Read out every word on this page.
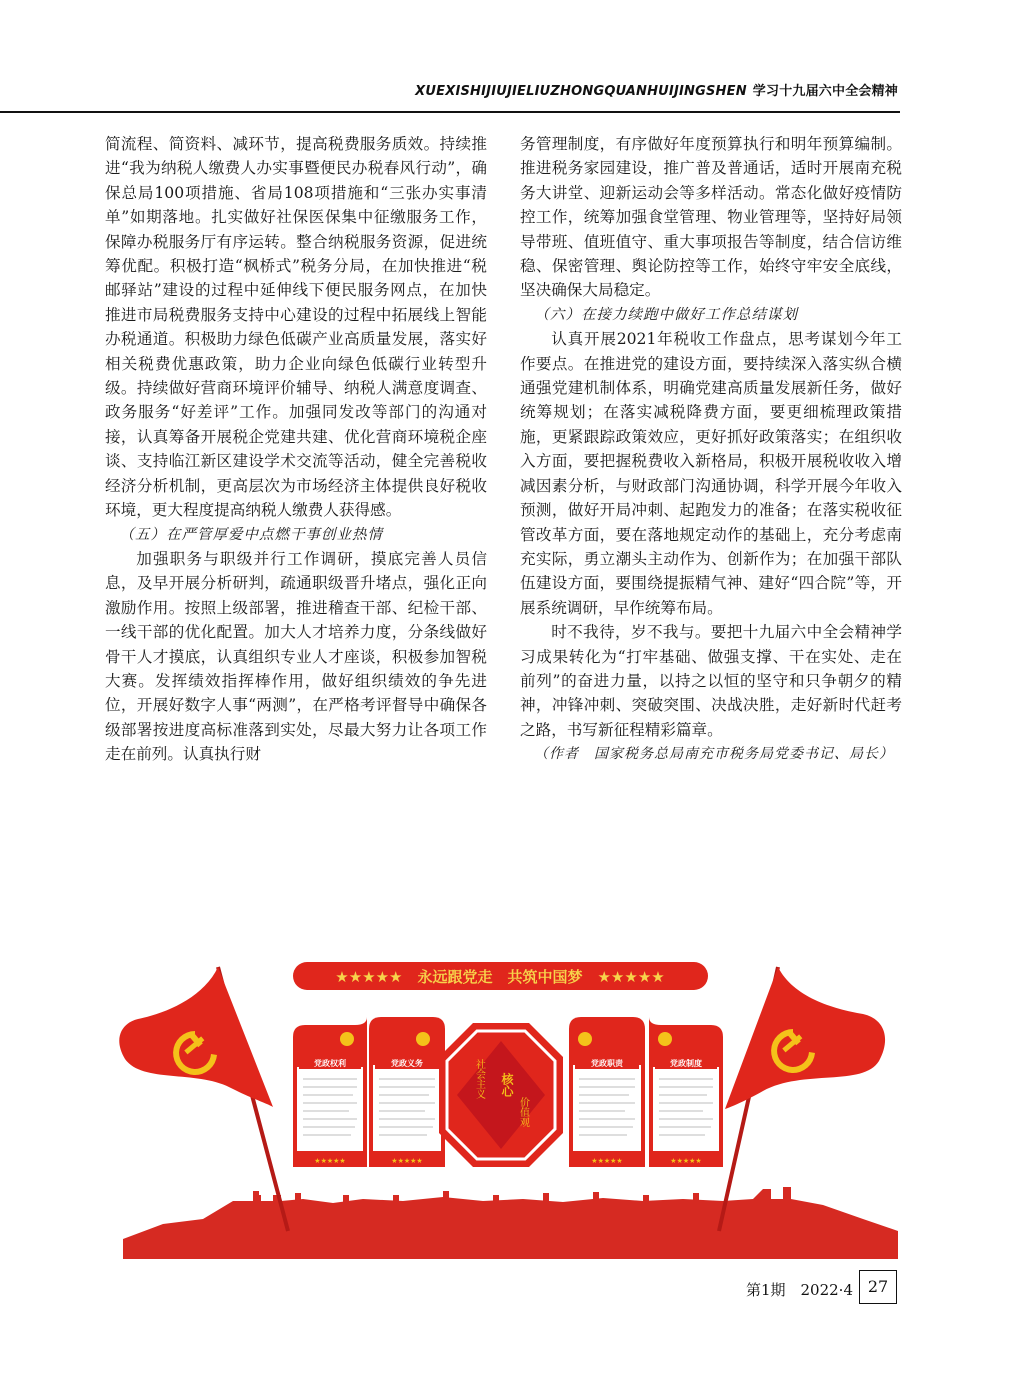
XUEXISHIJIUJIELIUZHONGQUANHUIJINGSHEN 学习十九届六中全会精神

简流程、简资料、减环节，提高税费服务质效。持续推进“我为纳税人缴费人办实事暨便民办税春风行动”，确保总局100项措施、省局108项措施和“三张办实事清单”如期落地。扎实做好社保医保集中征缴服务工作，保障办税服务厅有序运转。整合纳税服务资源，促进统筹优配。积极打造“枫桥式”税务分局，在加快推进“税邮驿站”建设的过程中延伸线下便民服务网点，在加快推进市局税费服务支持中心建设的过程中拓展线上智能办税通道。积极助力绿色低碳产业高质量发展，落实好相关税费优惠政策，助力企业向绿色低碳行业转型升级。持续做好营商环境评价辅导、纳税人满意度调查、政务服务“好差评”工作。加强同发改等部门的沟通对接，认真筹备开展税企党建共建、优化营商环境税企座谈、支持临江新区建设学术交流等活动，健全完善税收经济分析机制，更高层次为市场经济主体提供良好税收环境，更大程度提高纳税人缴费人获得感。

（五）在严管厚爱中点燃干事创业热情

加强职务与职级并行工作调研，摸底完善人员信息，及早开展分析研判，疏通职级晋升堵点，强化正向激励作用。按照上级部署，推进稽查干部、纪检干部、一线干部的优化配置。加大人才培养力度，分条线做好骨干人才摸底，认真组织专业人才座谈，积极参加智税大赛。发挥绩效指挥棒作用，做好组织绩效的争先进位，开展好数字人事“两测”，在严格考评督导中确保各级部署按进度高标准落到实处，尽最大努力让各项工作走在前列。认真执行财

务管理制度，有序做好年度预算执行和明年预算编制。推进税务家园建设，推广普及普通话，适时开展南充税务大讲堂、迎新运动会等多样活动。常态化做好疫情防控工作，统筹加强食堂管理、物业管理等，坚持好局领导带班、值班值守、重大事项报告等制度，结合信访维稳、保密管理、舆论防控等工作，始终守牢安全底线，坚决确保大局稳定。

（六）在接力续跑中做好工作总结谋划

认真开展2021年税收工作盘点，思考谋划今年工作要点。在推进党的建设方面，要持续深入落实纵合横通强党建机制体系，明确党建高质量发展新任务，做好统筹规划；在落实减税降费方面，要更细梳理政策措施，更紧跟踪政策效应，更好抓好政策落实；在组织收入方面，要把握税费收入新格局，积极开展税收收入增减因素分析，与财政部门沟通协调，科学开展今年收入预测，做好开局冲刺、起跑发力的准备；在落实税收征管改革方面，要在落地规定动作的基础上，充分考虑南充实际，勇立潮头主动作为、创新作为；在加强干部队伍建设方面，要围绕提振精气神、建好“四合院”等，开展系统调研，早作统筹布局。

时不我待，岁不我与。要把十九届六中全会精神学习成果转化为“打牢基础、做强支撑、干在实处、走在前列”的奋进力量，以持之以恒的坚守和只争朝夕的精神，冲锋冲刺、突破突围、决战决胜，走好新时代赶考之路，书写新征程精彩篇章。

（作者　国家税务总局南充市税务局党委书记、局长）

★★★★★　永远跟党走　共筑中国梦　★★★★★
党政权利
★★★★★
党政义务
★★★★★
社会主义 核心
价值观
党政职责
★★★★★
党政制度
★★★★★
第1期　2022·4 27
